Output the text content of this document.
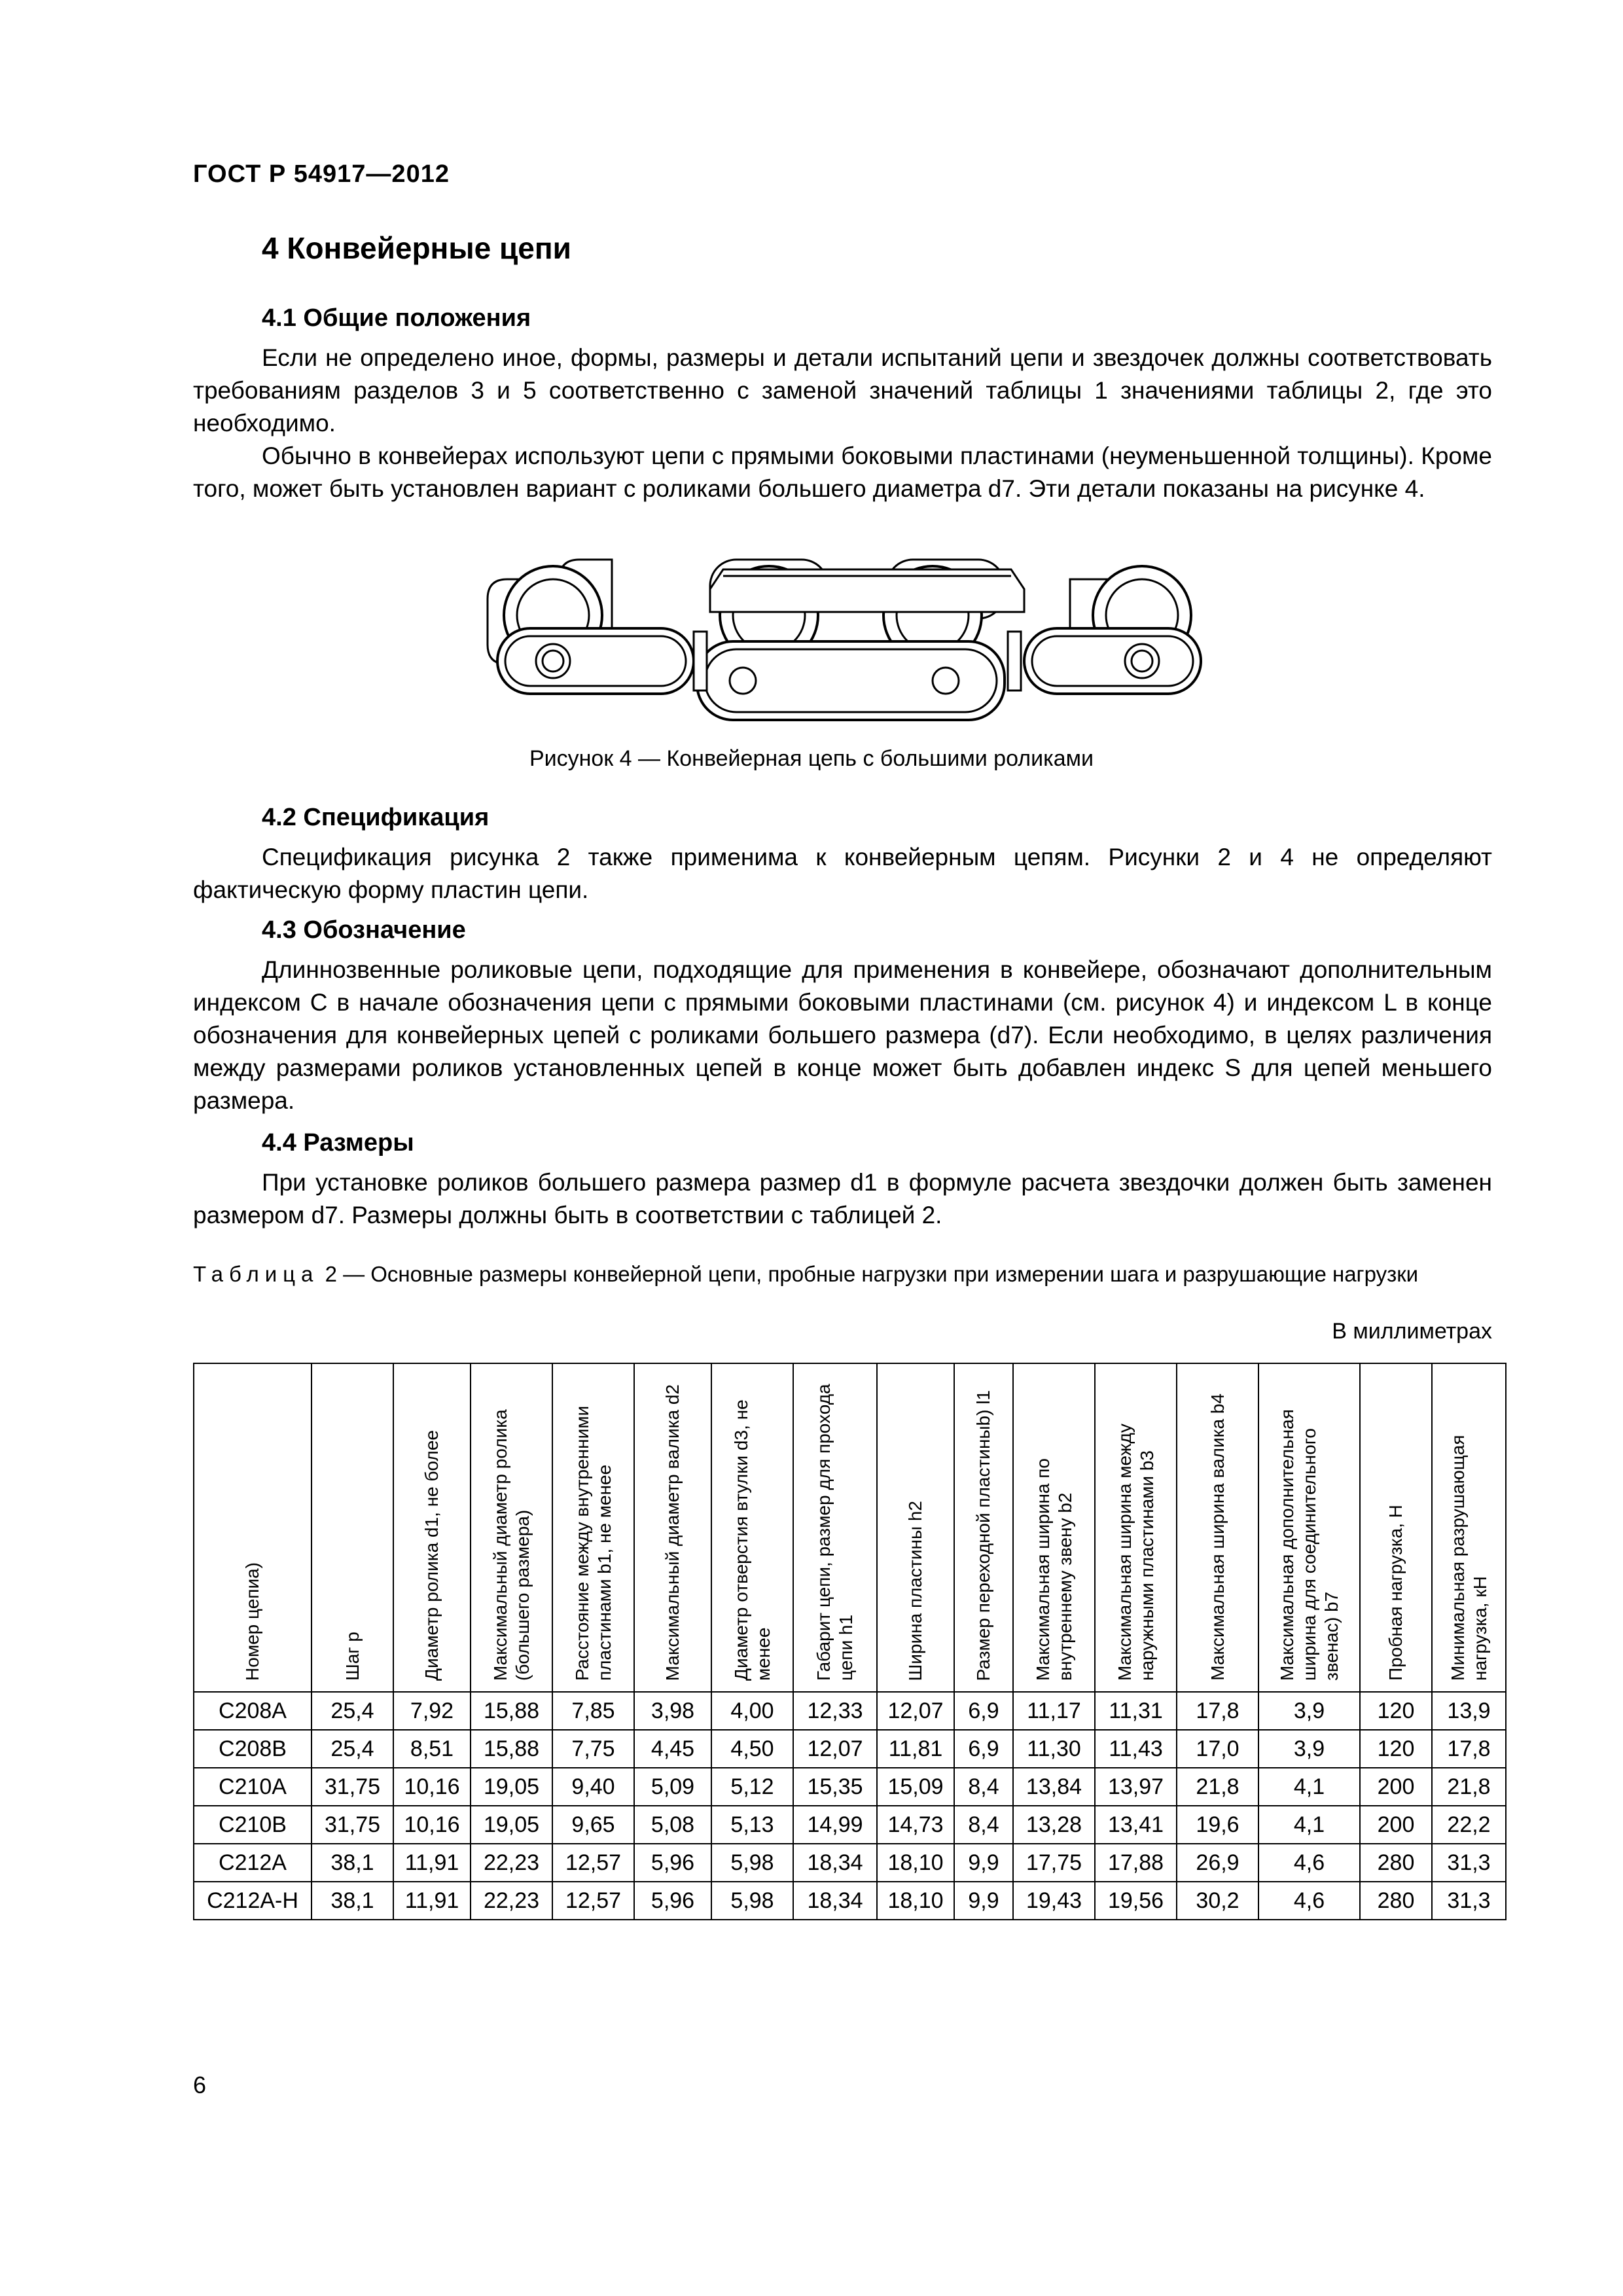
ГОСТ Р 54917—2012
4 Конвейерные цепи
4.1 Общие положения

Если не определено иное, формы, размеры и детали испытаний цепи и звездочек должны соответствовать требованиям разделов 3 и 5 соответственно с заменой значений таблицы 1 значениями таблицы 2, где это необходимо.

Обычно в конвейерах используют цепи с прямыми боковыми пластинами (неуменьшенной толщины). Кроме того, может быть установлен вариант с роликами большего диаметра d7. Эти детали показаны на рисунке 4.

Рисунок 4 — Конвейерная цепь с большими роликами
4.2 Спецификация

Спецификация рисунка 2 также применима к конвейерным цепям. Рисунки 2 и 4 не определяют фактическую форму пластин цепи.

4.3 Обозначение

Длиннозвенные роликовые цепи, подходящие для применения в конвейере, обозначают дополнительным индексом С в начале обозначения цепи с прямыми боковыми пластинами (см. рисунок 4) и индексом L в конце обозначения для конвейерных цепей с роликами большего размера (d7). Если необходимо, в целях различения между размерами роликов установленных цепей в конце может быть добавлен индекс S для цепей меньшего размера.

4.4 Размеры

При установке роликов большего размера размер d1 в формуле расчета звездочки должен быть заменен размером d7. Размеры должны быть в соответствии с таблицей 2.

Таблица 2 — Основные размеры конвейерной цепи, пробные нагрузки при измерении шага и разрушающие нагрузки

В миллиметрах
Номер цепиа)	Шаг p	Диаметр ролика d1, не более	Максимальный диаметр ролика (большего размера)	Расстояние между внутренними пластинами b1, не менее	Максимальный диаметр валика d2	Диаметр отверстия втулки d3, не менее	Габарит цепи, размер для прохода цепи h1	Ширина пластины h2	Размер переходной пластиныb) l1	Максимальная ширина по внутреннему звену b2	Максимальная ширина между наружными пластинами b3	Максимальная ширина валика b4	Максимальная дополнительная ширина для соединительного звенас) b7	Пробная нагрузка, Н	Минимальная разрушающая нагрузка, кН

C208A	25,4	7,92	15,88	7,85	3,98	4,00	12,33	12,07	6,9	11,17	11,31	17,8	3,9	120	13,9
C208B	25,4	8,51	15,88	7,75	4,45	4,50	12,07	11,81	6,9	11,30	11,43	17,0	3,9	120	17,8
C210A	31,75	10,16	19,05	9,40	5,09	5,12	15,35	15,09	8,4	13,84	13,97	21,8	4,1	200	21,8
C210B	31,75	10,16	19,05	9,65	5,08	5,13	14,99	14,73	8,4	13,28	13,41	19,6	4,1	200	22,2
C212A	38,1	11,91	22,23	12,57	5,96	5,98	18,34	18,10	9,9	17,75	17,88	26,9	4,6	280	31,3
C212A-H	38,1	11,91	22,23	12,57	5,96	5,98	18,34	18,10	9,9	19,43	19,56	30,2	4,6	280	31,3
6
